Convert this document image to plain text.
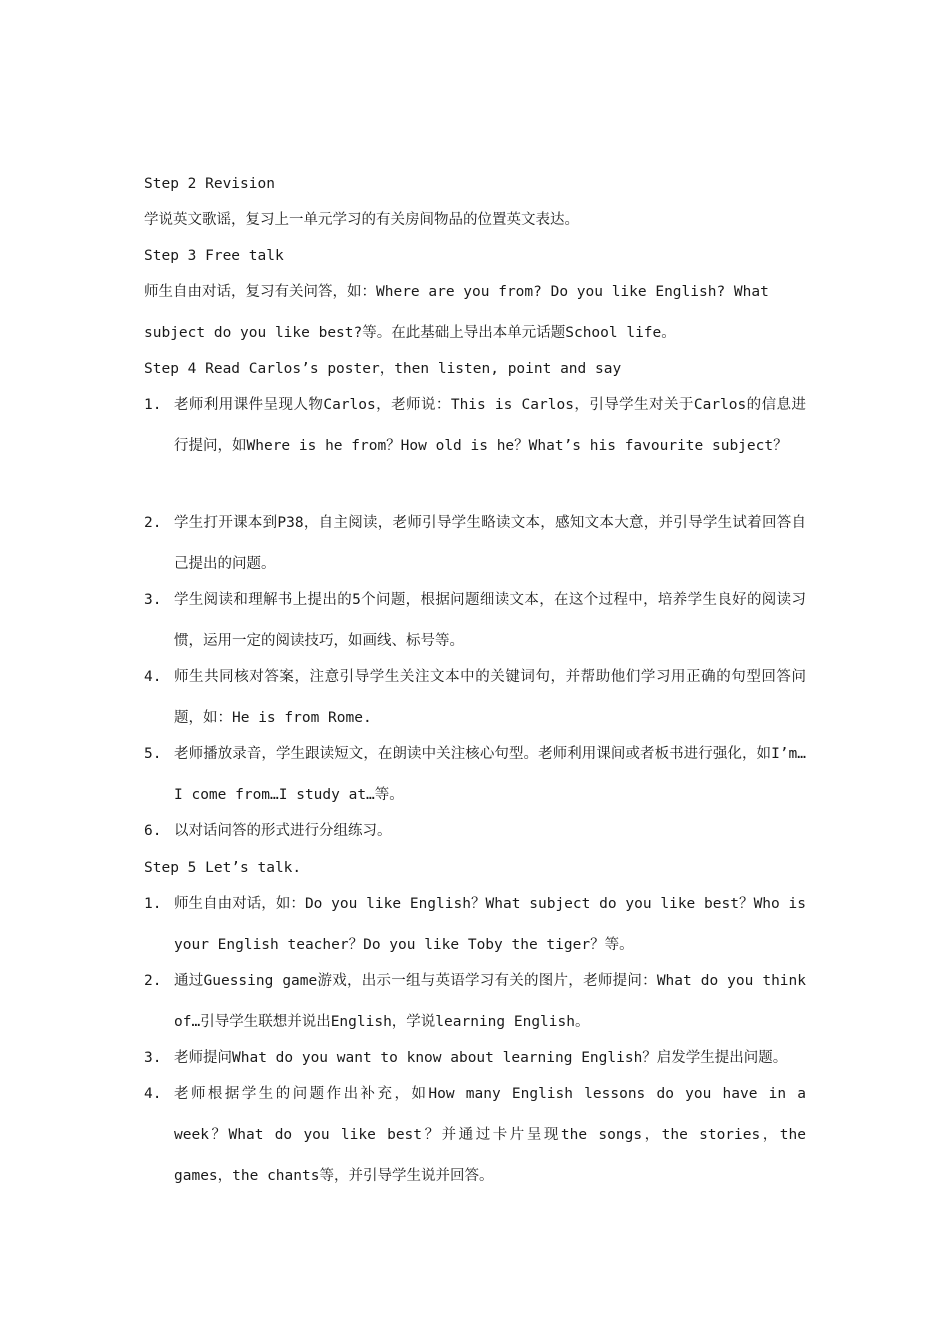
Step 2 Revision
学说英文歌谣，复习上一单元学习的有关房间物品的位置英文表达。
Step 3 Free talk
师生自由对话，复习有关问答，如：Where are you from? Do you like English? What subject do you like best?等。在此基础上导出本单元话题School life。
Step 4 Read Carlos’s poster，then listen, point and say
1. 老师利用课件呈现人物Carlos，老师说：This is Carlos，引导学生对关于Carlos的信息进行提问，如Where is he from？How old is he？What’s his favourite subject？
2. 学生打开课本到P38，自主阅读，老师引导学生略读文本，感知文本大意，并引导学生试着回答自己提出的问题。
3. 学生阅读和理解书上提出的5个问题，根据问题细读文本，在这个过程中，培养学生良好的阅读习惯，运用一定的阅读技巧，如画线、标号等。
4. 师生共同核对答案，注意引导学生关注文本中的关键词句，并帮助他们学习用正确的句型回答问题，如：He is from Rome.
5. 老师播放录音，学生跟读短文，在朗读中关注核心句型。老师利用课间或者板书进行强化，如I’m…I come from…I study at…等。
6. 以对话问答的形式进行分组练习。
Step 5 Let’s talk.
1. 师生自由对话，如：Do you like English？What subject do you like best？Who is your English teacher？Do you like Toby the tiger？等。
2. 通过Guessing game游戏，出示一组与英语学习有关的图片，老师提问：What do you think of…引导学生联想并说出English，学说learning English。
3. 老师提问What do you want to know about learning English？启发学生提出问题。
4. 老师根据学生的问题作出补充，如How many English lessons do you have in a week？What do you like best？并通过卡片呈现the songs，the stories，the games，the chants等，并引导学生说并回答。
